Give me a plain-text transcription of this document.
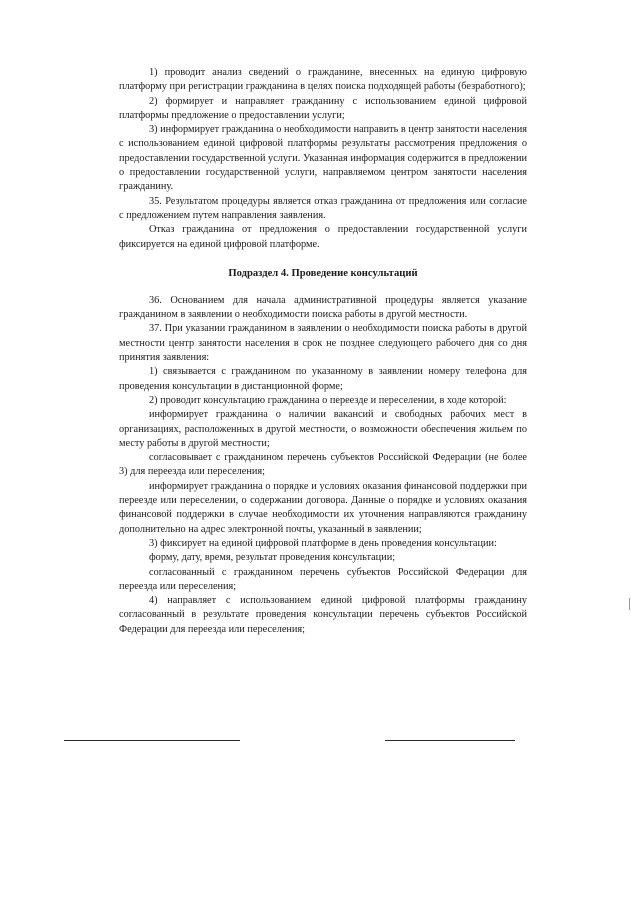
1) проводит анализ сведений о гражданине, внесенных на единую цифровую платформу при регистрации гражданина в целях поиска подходящей работы (безработного);

2) формирует и направляет гражданину с использованием единой цифровой платформы предложение о предоставлении услуги;

3) информирует гражданина о необходимости направить в центр занятости населения с использованием единой цифровой платформы результаты рассмотрения предложения о предоставлении государственной услуги. Указанная информация содержится в предложении о предоставлении государственной услуги, направляемом центром занятости населения гражданину.

35. Результатом процедуры является отказ гражданина от предложения или согласие с предложением путем направления заявления.

Отказ гражданина от предложения о предоставлении государственной услуги фиксируется на единой цифровой платформе.

Подраздел 4. Проведение консультаций

36. Основанием для начала административной процедуры является указание гражданином в заявлении о необходимости поиска работы в другой местности.

37. При указании гражданином в заявлении о необходимости поиска работы в другой местности центр занятости населения в срок не позднее следующего рабочего дня со дня принятия заявления:

1) связывается с гражданином по указанному в заявлении номеру телефона для проведения консультации в дистанционной форме;

2) проводит консультацию гражданина о переезде и переселении, в ходе которой:

информирует гражданина о наличии вакансий и свободных рабочих мест в организациях, расположенных в другой местности, о возможности обеспечения жильем по месту работы в другой местности;

согласовывает с гражданином перечень субъектов Российской Федерации (не более 3) для переезда или переселения;

информирует гражданина о порядке и условиях оказания финансовой поддержки при переезде или переселении, о содержании договора. Данные о порядке и условиях оказания финансовой поддержки в случае необходимости их уточнения направляются гражданину дополнительно на адрес электронной почты, указанный в заявлении;

3) фиксирует на единой цифровой платформе в день проведения консультации:

форму, дату, время, результат проведения консультации;

согласованный с гражданином перечень субъектов Российской Федерации для переезда или переселения;

4) направляет с использованием единой цифровой платформы гражданину согласованный в результате проведения консультации перечень субъектов Российской Федерации для переезда или переселения;
